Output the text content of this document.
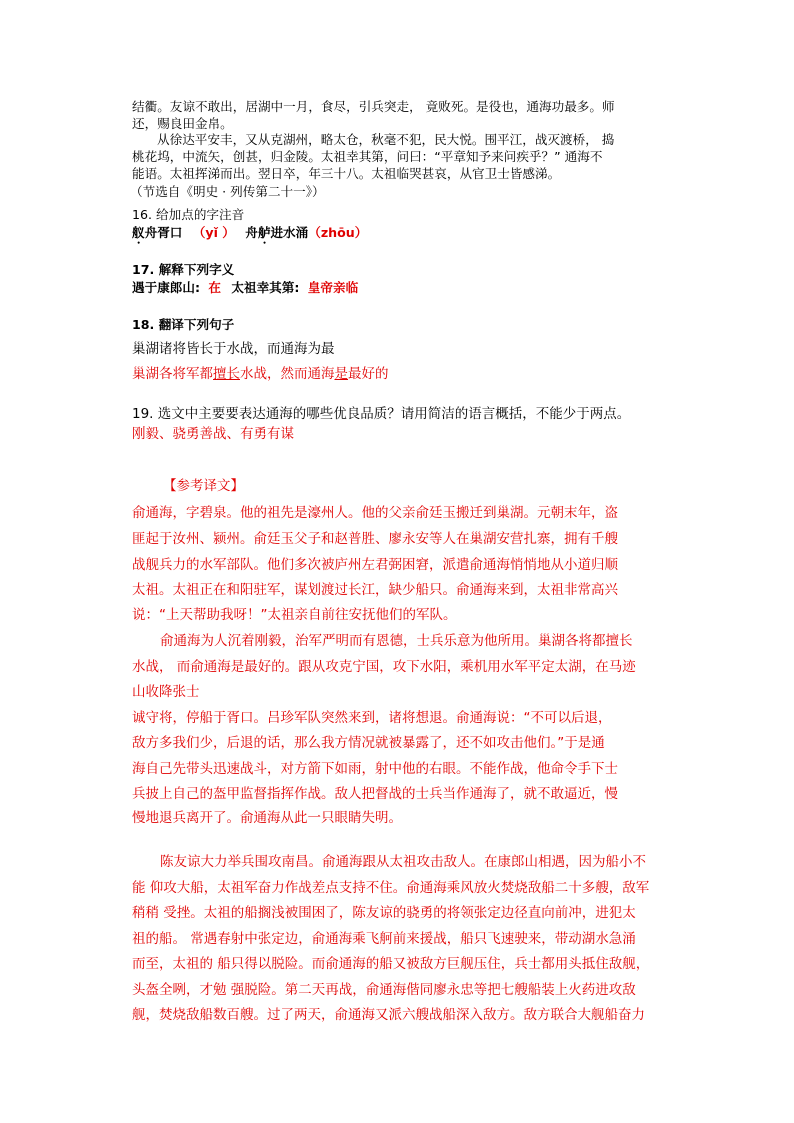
结衢。友谅不敢出，居湖中一月，食尽，引兵突走， 竟败死。是役也，通海功最多。师
还，赐良田金帛。
从徐达平安丰，又从克湖州，略太仓，秋毫不犯，民大悦。围平江，战灭渡桥， 捣
桃花坞，中流矢，创甚，归金陵。太祖幸其第，问曰：“平章知予来问疾乎？” 通海不
能语。太祖挥涕而出。翌日卒，年三十八。太祖临哭甚哀，从官卫士皆感涕。
（节选自《明史 · 列传第二十一》）
16. 给加点的字注音
舣舟胥口 （yǐ ） 舟舻进水涌（zhōu）
17. 解释下列字义
遇于康郎山: 在 太祖幸其第: 皇帝亲临
18. 翻译下列句子
巢湖诸将皆长于水战，而通海为最
巢湖各将军都擅长水战，然而通海是最好的
19. 选文中主要要表达通海的哪些优良品质？请用简洁的语言概括，不能少于两点。
刚毅、骁勇善战、有勇有谋
【参考译文】
俞通海，字碧泉。他的祖先是濠州人。他的父亲俞廷玉搬迁到巢湖。元朝末年，盗
匪起于汝州、颍州。俞廷玉父子和赵普胜、廖永安等人在巢湖安营扎寨，拥有千艘
战舰兵力的水军部队。他们多次被庐州左君弼困窘，派遣俞通海悄悄地从小道归顺
太祖。太祖正在和阳驻军，谋划渡过长江，缺少船只。俞通海来到，太祖非常高兴
说：“上天帮助我呀！”太祖亲自前往安抚他们的军队。
俞通海为人沉着刚毅，治军严明而有恩德，士兵乐意为他所用。巢湖各将都擅长
水战， 而俞通海是最好的。跟从攻克宁国，攻下水阳，乘机用水军平定太湖，在马迹
山收降张士
诚守将，停船于胥口。吕珍军队突然来到，诸将想退。俞通海说：“不可以后退，
敌方多我们少，后退的话，那么我方情况就被暴露了，还不如攻击他们。”于是通
海自己先带头迅速战斗，对方箭下如雨，射中他的右眼。不能作战，他命令手下士
兵披上自己的盔甲监督指挥作战。敌人把督战的士兵当作通海了，就不敢逼近，慢
慢地退兵离开了。俞通海从此一只眼睛失明。
陈友谅大力举兵围攻南昌。俞通海跟从太祖攻击敌人。在康郎山相遇，因为船小不
能 仰攻大船，太祖军奋力作战差点支持不住。俞通海乘风放火焚烧敌船二十多艘，敌军
稍稍 受挫。太祖的船搁浅被围困了，陈友谅的骁勇的将领张定边径直向前冲，进犯太
祖的船。 常遇春射中张定边，俞通海乘飞舸前来援战，船只飞速驶来，带动湖水急涌
而至，太祖的 船只得以脱险。而俞通海的船又被敌方巨舰压住，兵士都用头抵住敌舰，
头盔全咧，才勉 强脱险。第二天再战，俞通海偕同廖永忠等把七艘船装上火药进攻敌
舰，焚烧敌船数百艘。过了两天，俞通海又派六艘战船深入敌方。敌方联合大舰船奋力
